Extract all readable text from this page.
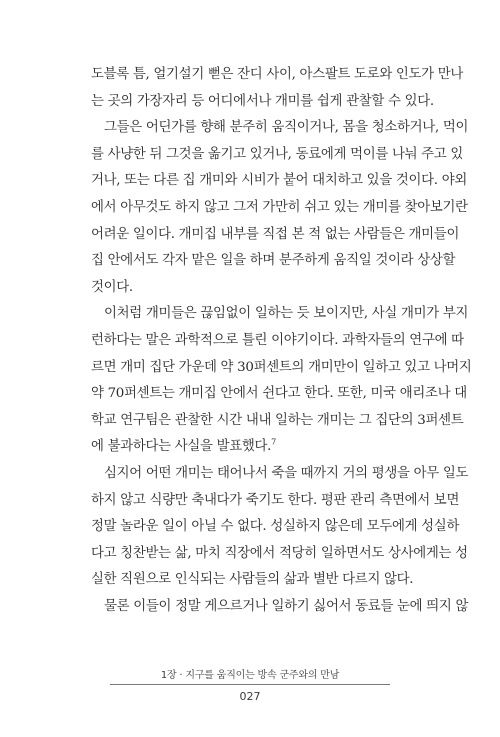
도블록 틈, 얼기설기 뻗은 잔디 사이, 아스팔트 도로와 인도가 만나
는 곳의 가장자리 등 어디에서나 개미를 쉽게 관찰할 수 있다.
그들은 어딘가를 향해 분주히 움직이거나, 몸을 청소하거나, 먹이
를 사냥한 뒤 그것을 옮기고 있거나, 동료에게 먹이를 나눠 주고 있
거나, 또는 다른 집 개미와 시비가 붙어 대치하고 있을 것이다. 야외
에서 아무것도 하지 않고 그저 가만히 쉬고 있는 개미를 찾아보기란
어려운 일이다. 개미집 내부를 직접 본 적 없는 사람들은 개미들이
집 안에서도 각자 맡은 일을 하며 분주하게 움직일 것이라 상상할
것이다.
이처럼 개미들은 끊임없이 일하는 듯 보이지만, 사실 개미가 부지
런하다는 말은 과학적으로 틀린 이야기이다. 과학자들의 연구에 따
르면 개미 집단 가운데 약 30퍼센트의 개미만이 일하고 있고 나머지
약 70퍼센트는 개미집 안에서 쉰다고 한다. 또한, 미국 애리조나 대
학교 연구팀은 관찰한 시간 내내 일하는 개미는 그 집단의 3퍼센트
에 불과하다는 사실을 발표했다.$^7$
심지어 어떤 개미는 태어나서 죽을 때까지 거의 평생을 아무 일도
하지 않고 식량만 축내다가 죽기도 한다. 평판 관리 측면에서 보면
정말 놀라운 일이 아닐 수 없다. 성실하지 않은데 모두에게 성실하
다고 칭찬받는 삶, 마치 직장에서 적당히 일하면서도 상사에게는 성
실한 직원으로 인식되는 사람들의 삶과 별반 다르지 않다.
물론 이들이 정말 게으르거나 일하기 싫어서 동료들 눈에 띄지 않
1장 · 지구를 움직이는 방속 군주와의 만남
027
